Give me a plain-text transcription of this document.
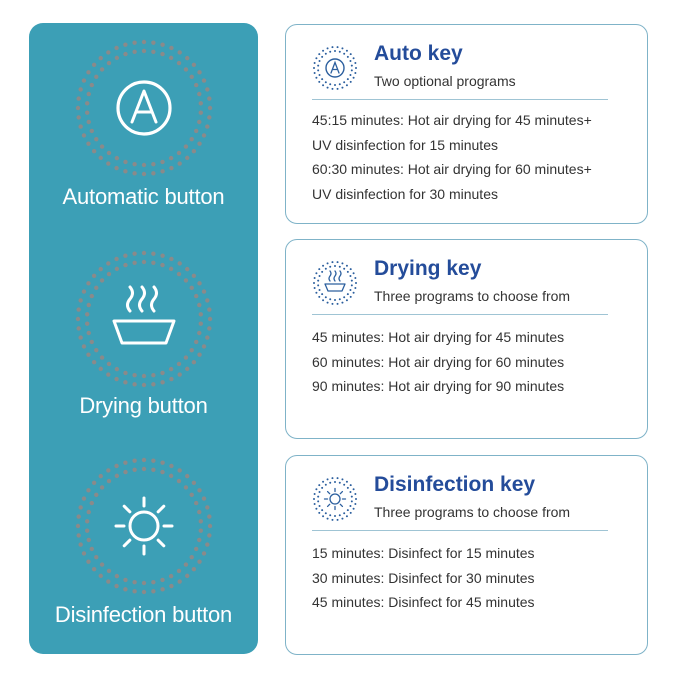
Automatic button
Drying button
Disinfection button
Auto key
Two optional programs
45:15 minutes: Hot air drying for 45 minutes+
UV disinfection for 15 minutes
60:30 minutes: Hot air drying for 60 minutes+
UV disinfection for 30 minutes
Drying key
Three programs to choose from
45 minutes: Hot air drying for 45 minutes
60 minutes: Hot air drying for 60 minutes
90 minutes: Hot air drying for 90 minutes
Disinfection key
Three programs to choose from
15 minutes: Disinfect for 15 minutes
30 minutes: Disinfect for 30 minutes
45 minutes: Disinfect for 45 minutes
